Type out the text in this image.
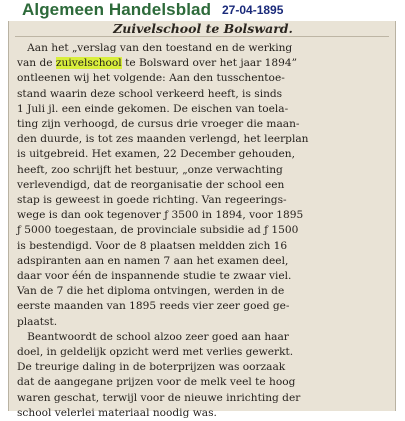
Algemeen Handelsblad 27-04-1895
Zuivelschool te Bolsward.
Aan het „verslag van den toestand en de werking
van de zuivelschool te Bolsward over het jaar 1894”
ontleenen wij het volgende: Aan den tusschentoe-
stand waarin deze school verkeerd heeft, is sinds
1 Juli jl. een einde gekomen. De eischen van toela-
ting zijn verhoogd, de cursus drie vroeger die maan-
den duurde, is tot zes maanden verlengd, het leerplan
is uitgebreid. Het examen, 22 December gehouden,
heeft, zoo schrijft het bestuur, „onze verwachting
verlevendigd, dat de reorganisatie der school een
stap is geweest in goede richting. Van regeerings-
wege is dan ook tegenover ƒ 3500 in 1894, voor 1895
ƒ 5000 toegestaan, de provinciale subsidie ad ƒ 1500
is bestendigd. Voor de 8 plaatsen meldden zich 16
adspiranten aan en namen 7 aan het examen deel,
daar voor één de inspannende studie te zwaar viel.
Van de 7 die het diploma ontvingen, werden in de
eerste maanden van 1895 reeds vier zeer goed ge-
plaatst.
Beantwoordt de school alzoo zeer goed aan haar
doel, in geldelijk opzicht werd met verlies gewerkt.
De treurige daling in de boterprijzen was oorzaak
dat de aangegane prijzen voor de melk veel te hoog
waren geschat, terwijl voor de nieuwe inrichting der
school velerlei materiaal noodig was.
